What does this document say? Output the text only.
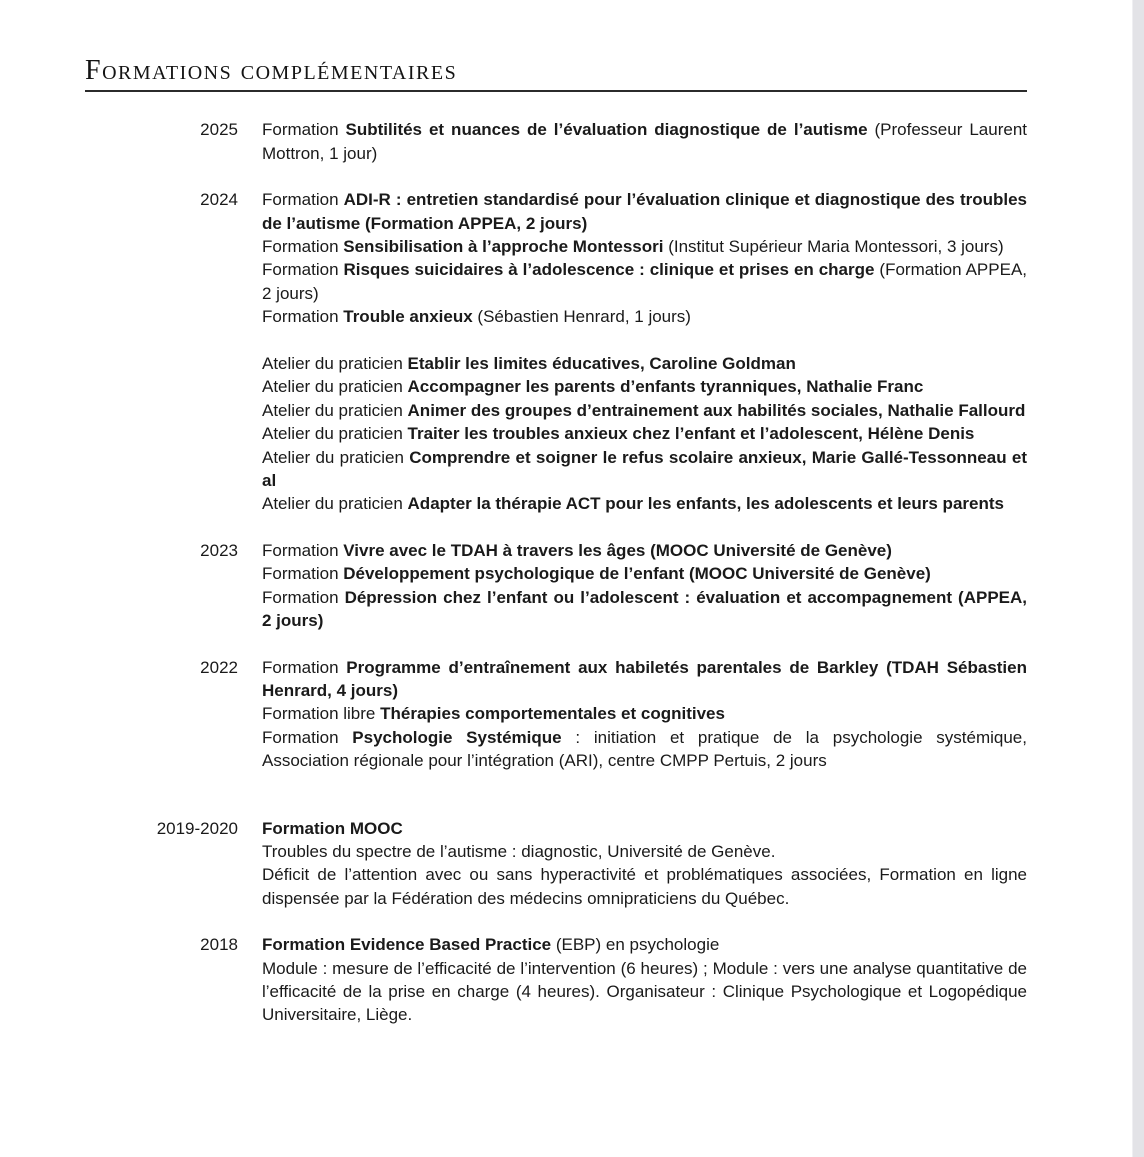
Formations complémentaires
2025	Formation Subtilités et nuances de l’évaluation diagnostique de l’autisme (Professeur Laurent Mottron, 1 jour)

2024	Formation ADI-R : entretien standardisé pour l’évaluation clinique et diagnostique des troubles de l’autisme (Formation APPEA, 2 jours)

Formation Sensibilisation à l’approche Montessori (Institut Supérieur Maria Montessori, 3 jours)

Formation Risques suicidaires à l’adolescence : clinique et prises en charge (Formation APPEA, 2 jours)

Formation Trouble anxieux (Sébastien Henrard, 1 jours)

Atelier du praticien Etablir les limites éducatives, Caroline Goldman

Atelier du praticien Accompagner les parents d’enfants tyranniques, Nathalie Franc

Atelier du praticien Animer des groupes d’entrainement aux habilités sociales, Nathalie Fallourd

Atelier du praticien Traiter les troubles anxieux chez l’enfant et l’adolescent, Hélène Denis

Atelier du praticien Comprendre et soigner le refus scolaire anxieux, Marie Gallé-Tessonneau et al

Atelier du praticien Adapter la thérapie ACT pour les enfants, les adolescents et leurs parents

2023	Formation Vivre avec le TDAH à travers les âges (MOOC Université de Genève)

Formation Développement psychologique de l’enfant (MOOC Université de Genève)

Formation Dépression chez l’enfant ou l’adolescent : évaluation et accompagnement (APPEA, 2 jours)

2022	Formation Programme d’entraînement aux habiletés parentales de Barkley (TDAH Sébastien Henrard, 4 jours)

Formation libre Thérapies comportementales et cognitives

Formation Psychologie Systémique : initiation et pratique de la psychologie systémique, Association régionale pour l’intégration (ARI), centre CMPP Pertuis, 2 jours

2019-2020	Formation MOOC

Troubles du spectre de l’autisme : diagnostic, Université de Genève.

Déficit de l’attention avec ou sans hyperactivité et problématiques associées, Formation en ligne dispensée par la Fédération des médecins omnipraticiens du Québec.

2018	Formation Evidence Based Practice (EBP) en psychologie

Module : mesure de l’efficacité de l’intervention (6 heures) ; Module : vers une analyse quantitative de l’efficacité de la prise en charge (4 heures). Organisateur : Clinique Psychologique et Logopédique Universitaire, Liège.
